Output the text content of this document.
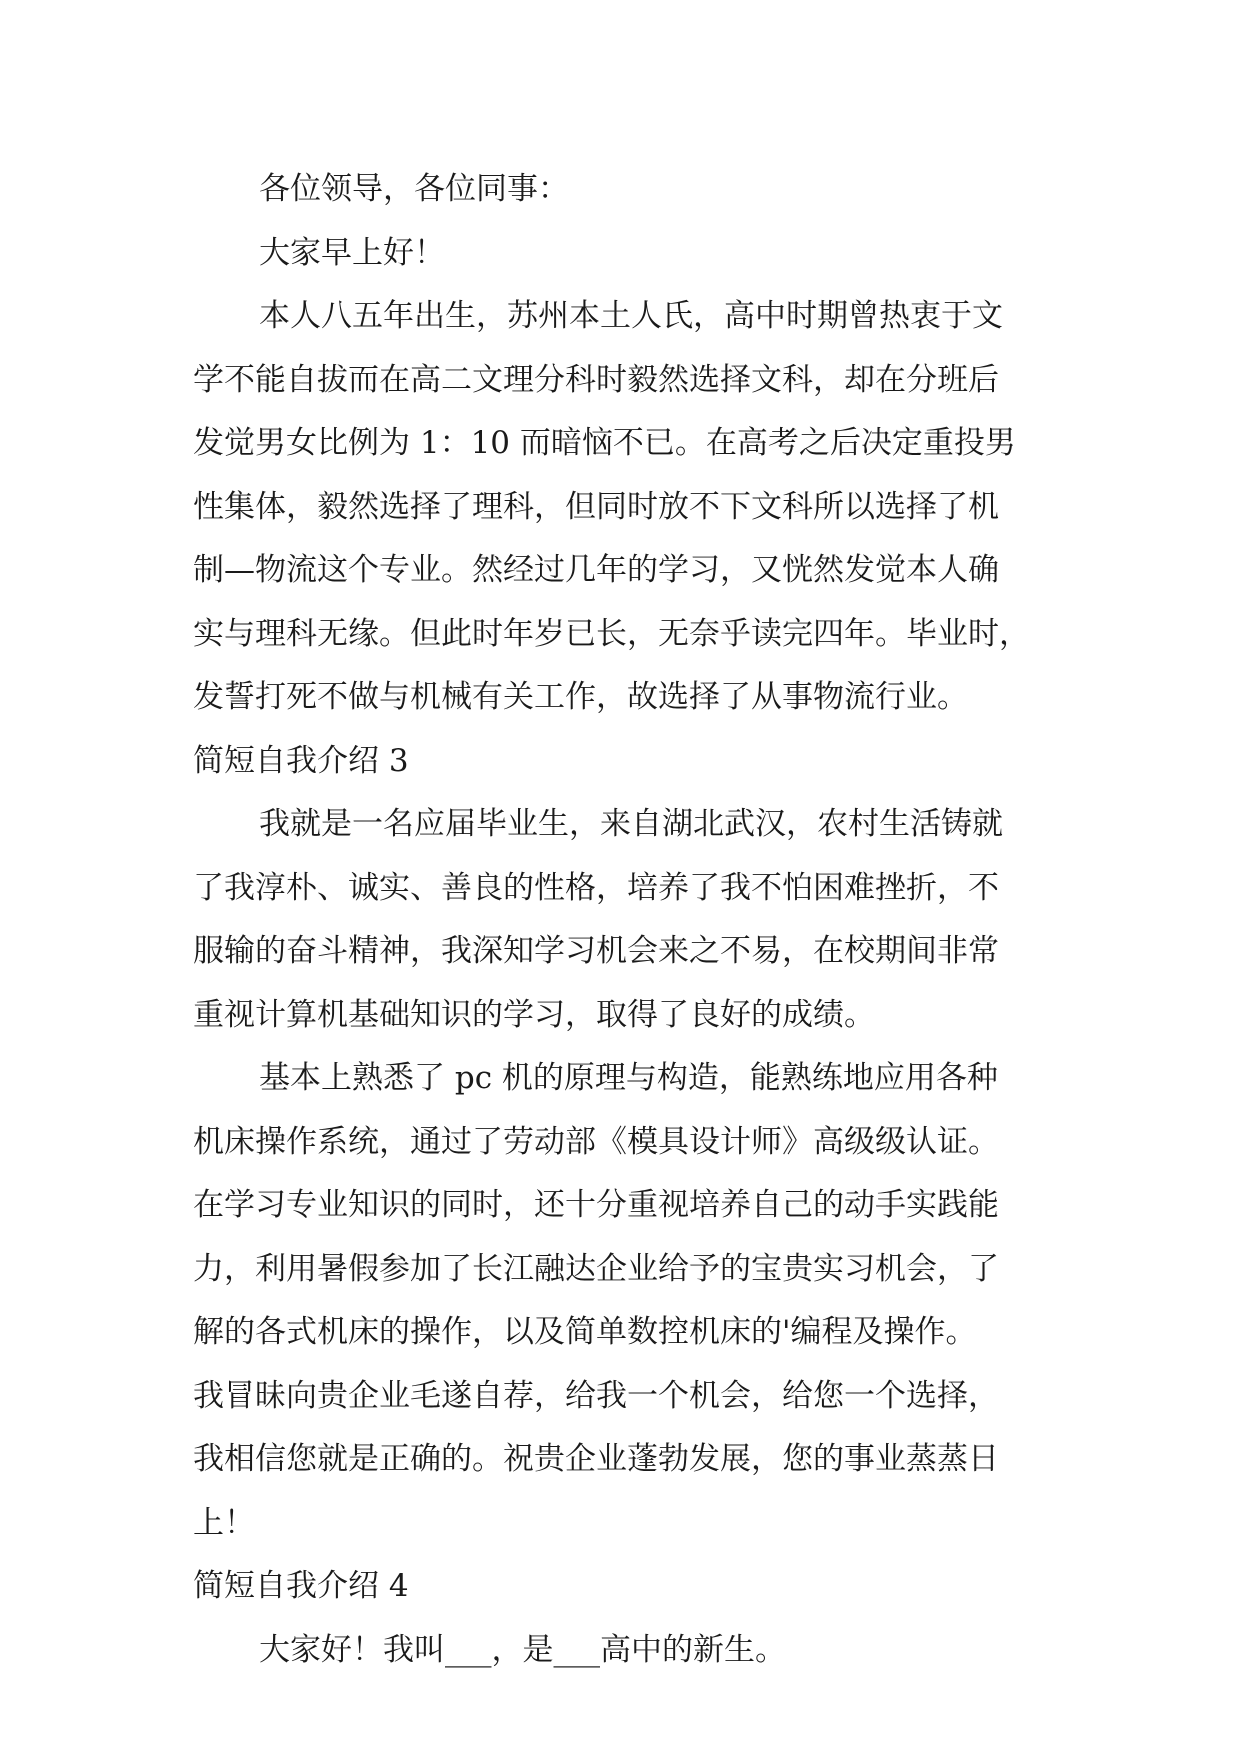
各位领导，各位同事：
大家早上好！
本人八五年出生，苏州本土人氏，高中时期曾热衷于文
学不能自拔而在高二文理分科时毅然选择文科，却在分班后
发觉男女比例为 1：10 而暗恼不已。在高考之后决定重投男
性集体，毅然选择了理科，但同时放不下文科所以选择了机
制—物流这个专业。然经过几年的学习，又恍然发觉本人确
实与理科无缘。但此时年岁已长，无奈乎读完四年。毕业时，
发誓打死不做与机械有关工作，故选择了从事物流行业。
简短自我介绍 3
我就是一名应届毕业生，来自湖北武汉，农村生活铸就
了我淳朴、诚实、善良的性格，培养了我不怕困难挫折，不
服输的奋斗精神，我深知学习机会来之不易，在校期间非常
重视计算机基础知识的学习，取得了良好的成绩。
基本上熟悉了 pc 机的原理与构造，能熟练地应用各种
机床操作系统，通过了劳动部《模具设计师》高级级认证。
在学习专业知识的同时，还十分重视培养自己的动手实践能
力，利用暑假参加了长江融达企业给予的宝贵实习机会，了
解的各式机床的操作，以及简单数控机床的'编程及操作。
我冒昧向贵企业毛遂自荐，给我一个机会，给您一个选择，
我相信您就是正确的。祝贵企业蓬勃发展，您的事业蒸蒸日
上！
简短自我介绍 4
大家好！我叫___，是___高中的新生。
